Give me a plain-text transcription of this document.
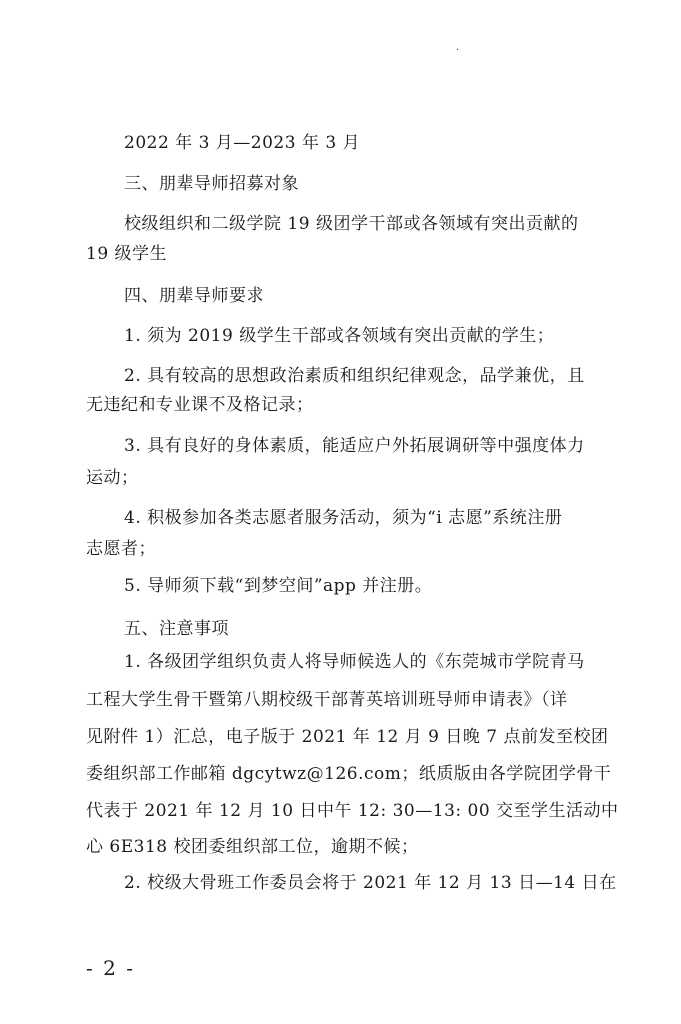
.
2022 年 3 月—2023 年 3 月
三、朋辈导师招募对象
校级组织和二级学院 19 级团学干部或各领域有突出贡献的
19 级学生
四、朋辈导师要求
1. 须为 2019 级学生干部或各领域有突出贡献的学生；
2. 具有较高的思想政治素质和组织纪律观念，品学兼优，且
无违纪和专业课不及格记录；
3. 具有良好的身体素质，能适应户外拓展调研等中强度体力
运动；
4. 积极参加各类志愿者服务活动，须为“i 志愿”系统注册
志愿者；
5. 导师须下载“到梦空间”app 并注册。
五、注意事项
1. 各级团学组织负责人将导师候选人的《东莞城市学院青马
工程大学生骨干暨第八期校级干部菁英培训班导师申请表》（详
见附件 1）汇总，电子版于 2021 年 12 月 9 日晚 7 点前发至校团
委组织部工作邮箱 dgcytwz@126.com；纸质版由各学院团学骨干
代表于 2021 年 12 月 10 日中午 12: 30—13: 00 交至学生活动中
心 6E318 校团委组织部工位，逾期不候；
2. 校级大骨班工作委员会将于 2021 年 12 月 13 日—14 日在
- 2 -
